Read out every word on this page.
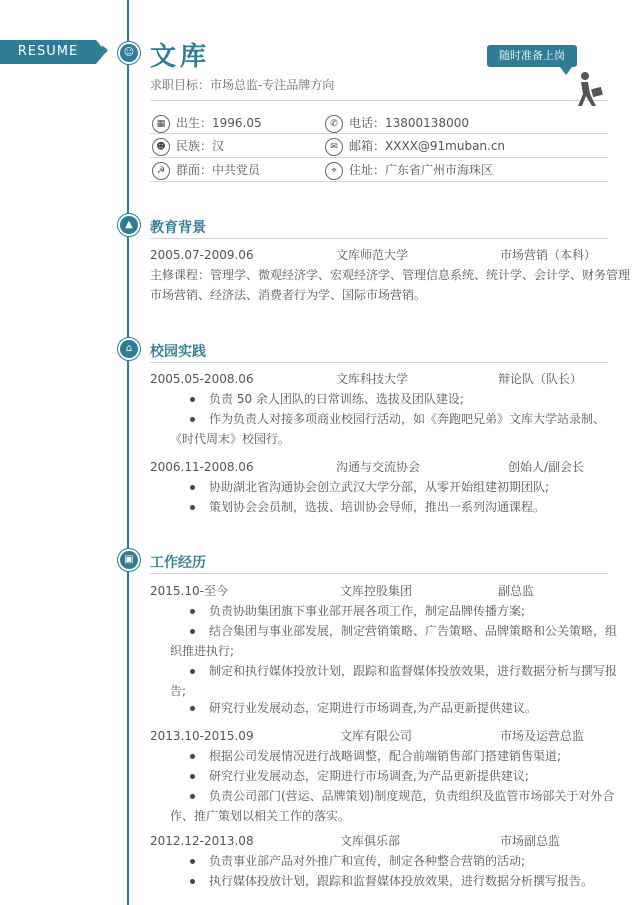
RESUME ›	☺ 文库
求职目标：市场总监-专注品牌方向
随时准备上岗
▦ 出生：1996.05	✆ 电话：13800138000
☻ 民族：汉	✉ 邮箱：XXXX@91muban.cn
☭ 群面：中共党员	⌖ 住址：广东省广州市海珠区
▲	教育背景
2005.07-2009.06	文库师范大学	市场营销（本科）
主修课程：管理学、微观经济学、宏观经济学、管理信息系统、统计学、会计学、财务管理
市场营销、经济法、消费者行为学、国际市场营销。
⌂	校园实践
2005.05-2008.06	文库科技大学	辩论队（队长）
负责 50 余人团队的日常训练、选拔及团队建设;
作为负责人对接多项商业校园行活动，如《奔跑吧兄弟》文库大学站录制、
《时代周末》校园行。
2006.11-2008.06	沟通与交流协会	创始人/副会长
协助湖北省沟通协会创立武汉大学分部，从零开始组建初期团队;
策划协会会员制，选拔、培训协会导师，推出一系列沟通课程。
▣	工作经历
2015.10-至今	文库控股集团	副总监
负责协助集团旗下事业部开展各项工作，制定品牌传播方案;
结合集团与事业部发展，制定营销策略、广告策略、品牌策略和公关策略，组
织推进执行;
制定和执行媒体投放计划，跟踪和监督媒体投放效果，进行数据分析与撰写报
告;
研究行业发展动态，定期进行市场调查,为产品更新提供建议。
2013.10-2015.09	文库有限公司	市场及运营总监
根据公司发展情况进行战略调整，配合前端销售部门搭建销售渠道;
研究行业发展动态，定期进行市场调查,为产品更新提供建议;
负责公司部门(营运、品牌策划)制度规范，负责组织及监管市场部关于对外合
作、推广策划以相关工作的落实。
2012.12-2013.08	文库俱乐部	市场副总监
负责事业部产品对外推广和宣传，制定各种整合营销的活动;
执行媒体投放计划，跟踪和监督媒体投放效果，进行数据分析撰写报告。
